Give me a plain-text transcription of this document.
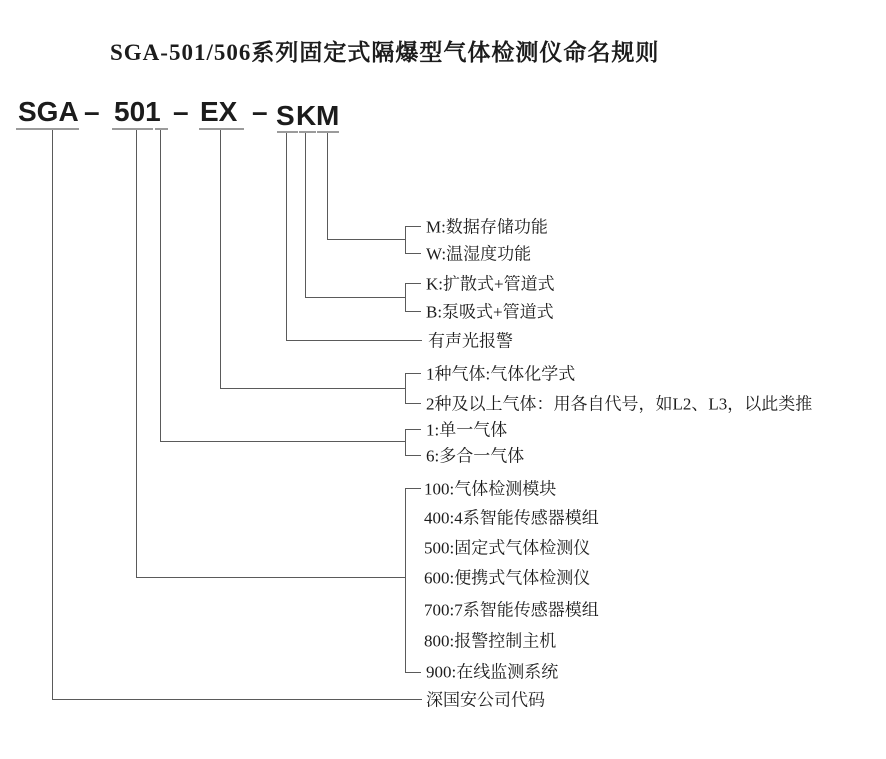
SGA-501/506系列固定式隔爆型气体检测仪命名规则
SGA – 501 – EX – S K M
M:数据存储功能
W:温湿度功能
K:扩散式+管道式
B:泵吸式+管道式
有声光报警
1种气体:气体化学式
2种及以上气体：用各自代号，如L2、L3，以此类推
1:单一气体
6:多合一气体
100:气体检测模块
400:4系智能传感器模组
500:固定式气体检测仪
600:便携式气体检测仪
700:7系智能传感器模组
800:报警控制主机
900:在线监测系统
深国安公司代码
